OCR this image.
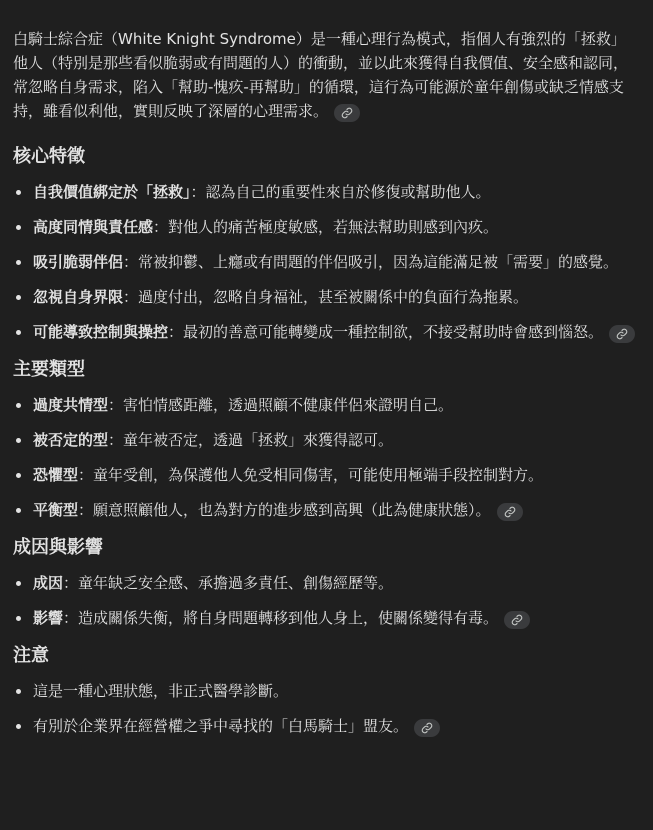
白騎士綜合症（White Knight Syndrome）是一種心理行為模式，指個人有強烈的「拯救」他人（特別是那些看似脆弱或有問題的人）的衝動，並以此來獲得自我價值、安全感和認同，常忽略自身需求，陷入「幫助-愧疚-再幫助」的循環，這行為可能源於童年創傷或缺乏情感支持，雖看似利他，實則反映了深層的心理需求。

核心特徵
自我價值綁定於「拯救」：認為自己的重要性來自於修復或幫助他人。
高度同情與責任感：對他人的痛苦極度敏感，若無法幫助則感到內疚。
吸引脆弱伴侶：常被抑鬱、上癮或有問題的伴侶吸引，因為這能滿足被「需要」的感覺。
忽視自身界限：過度付出，忽略自身福祉，甚至被關係中的負面行為拖累。
可能導致控制與操控：最初的善意可能轉變成一種控制欲，不接受幫助時會感到惱怒。
主要類型
過度共情型：害怕情感距離，透過照顧不健康伴侶來證明自己。
被否定的型：童年被否定，透過「拯救」來獲得認可。
恐懼型：童年受創，為保護他人免受相同傷害，可能使用極端手段控制對方。
平衡型：願意照顧他人，也為對方的進步感到高興（此為健康狀態）。
成因與影響
成因：童年缺乏安全感、承擔過多責任、創傷經歷等。
影響：造成關係失衡，將自身問題轉移到他人身上，使關係變得有毒。
注意
這是一種心理狀態，非正式醫學診斷。
有別於企業界在經營權之爭中尋找的「白馬騎士」盟友。
